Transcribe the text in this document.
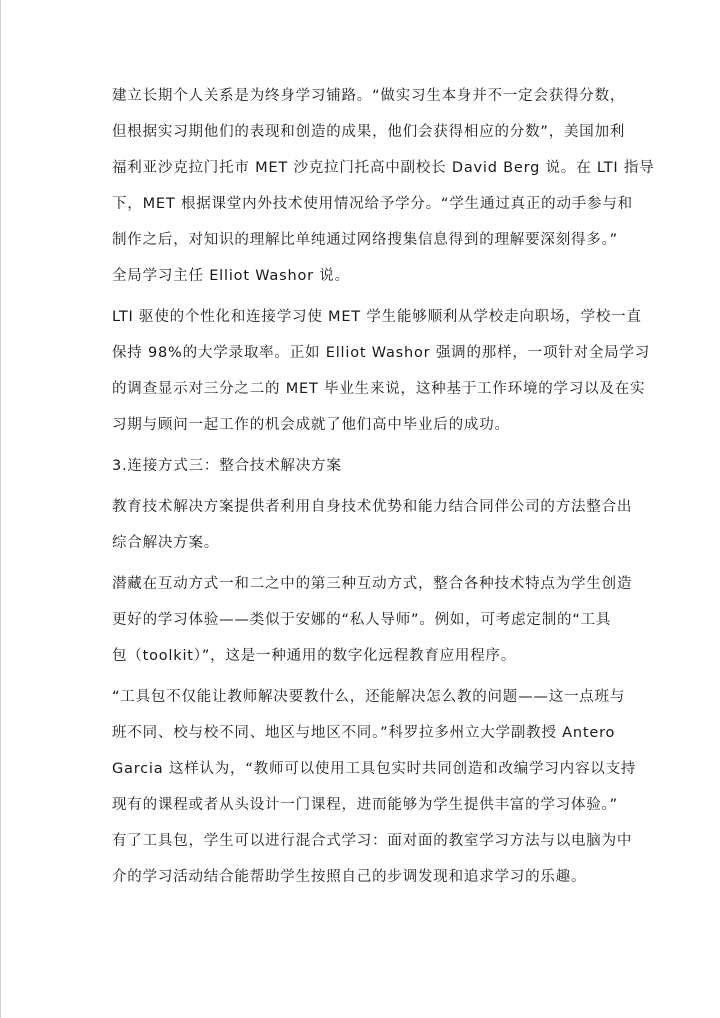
建立长期个人关系是为终身学习铺路。“做实习生本身并不一定会获得分数，
但根据实习期他们的表现和创造的成果，他们会获得相应的分数”，美国加利
福利亚沙克拉门托市 MET 沙克拉门托高中副校长 David Berg 说。在 LTI 指导
下，MET 根据课堂内外技术使用情况给予学分。“学生通过真正的动手参与和
制作之后，对知识的理解比单纯通过网络搜集信息得到的理解要深刻得多。”
全局学习主任 Elliot Washor 说。
LTI 驱使的个性化和连接学习使 MET 学生能够顺利从学校走向职场，学校一直
保持 98%的大学录取率。正如 Elliot Washor 强调的那样，一项针对全局学习
的调查显示对三分之二的 MET 毕业生来说，这种基于工作环境的学习以及在实
习期与顾问一起工作的机会成就了他们高中毕业后的成功。
3.连接方式三：整合技术解决方案
教育技术解决方案提供者利用自身技术优势和能力结合同伴公司的方法整合出
综合解决方案。
潜藏在互动方式一和二之中的第三种互动方式，整合各种技术特点为学生创造
更好的学习体验——类似于安娜的“私人导师”。例如，可考虑定制的“工具
包（toolkit）”，这是一种通用的数字化远程教育应用程序。
“工具包不仅能让教师解决要教什么，还能解决怎么教的问题——这一点班与
班不同、校与校不同、地区与地区不同。”科罗拉多州立大学副教授 Antero
Garcia 这样认为，“教师可以使用工具包实时共同创造和改编学习内容以支持
现有的课程或者从头设计一门课程，进而能够为学生提供丰富的学习体验。”
有了工具包，学生可以进行混合式学习：面对面的教室学习方法与以电脑为中
介的学习活动结合能帮助学生按照自己的步调发现和追求学习的乐趣。
